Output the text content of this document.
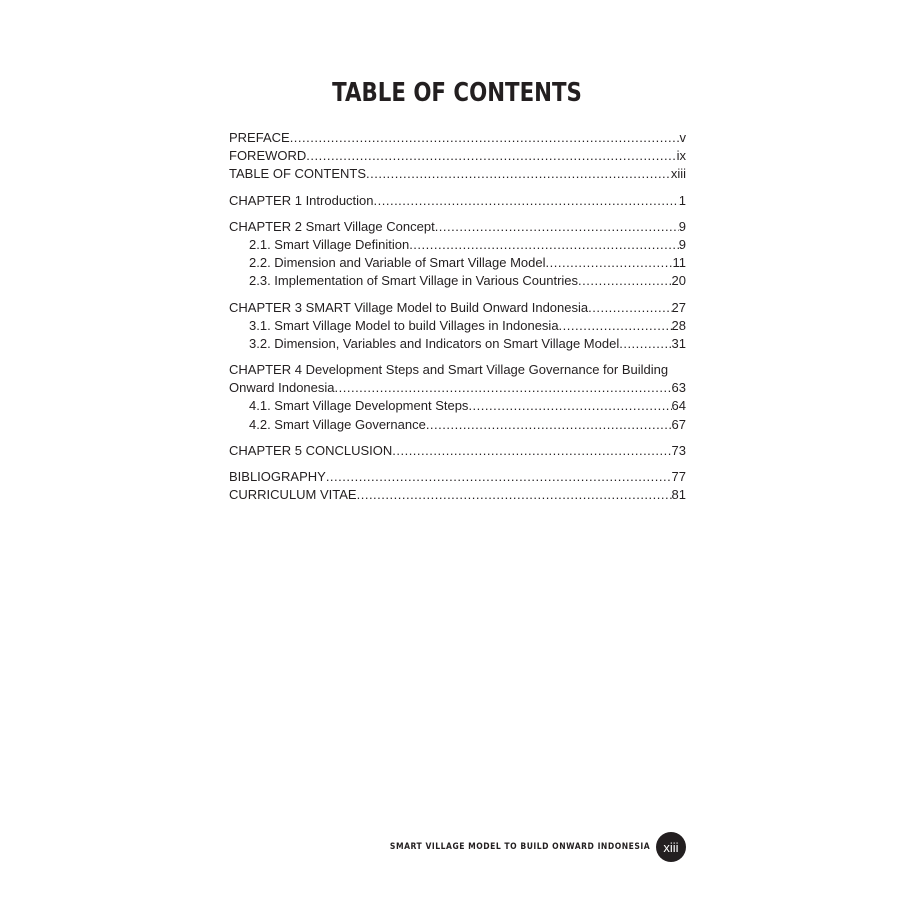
TABLE OF CONTENTS
PREFACE .....	v
FOREWORD .....	ix
TABLE OF CONTENTS .....	xiii
CHAPTER 1 Introduction .....	1
CHAPTER 2 Smart Village Concept .....	9
2.1. Smart Village Definition .....	9
2.2. Dimension and Variable of Smart Village Model .....	11
2.3. Implementation of Smart Village in Various Countries .....	20
CHAPTER 3 SMART Village Model to Build Onward Indonesia .....	27
3.1. Smart Village Model to build Villages in Indonesia .....	28
3.2. Dimension, Variables and Indicators on Smart Village Model .....	31
CHAPTER 4 Development Steps and Smart Village Governance for Building
Onward Indonesia .....	63
4.1. Smart Village Development Steps .....	64
4.2. Smart Village Governance .....	67
CHAPTER 5 CONCLUSION .....	73
BIBLIOGRAPHY .....	77
CURRICULUM VITAE .....	81
SMART VILLAGE MODEL TO BUILD ONWARD INDONESIA	xiii
